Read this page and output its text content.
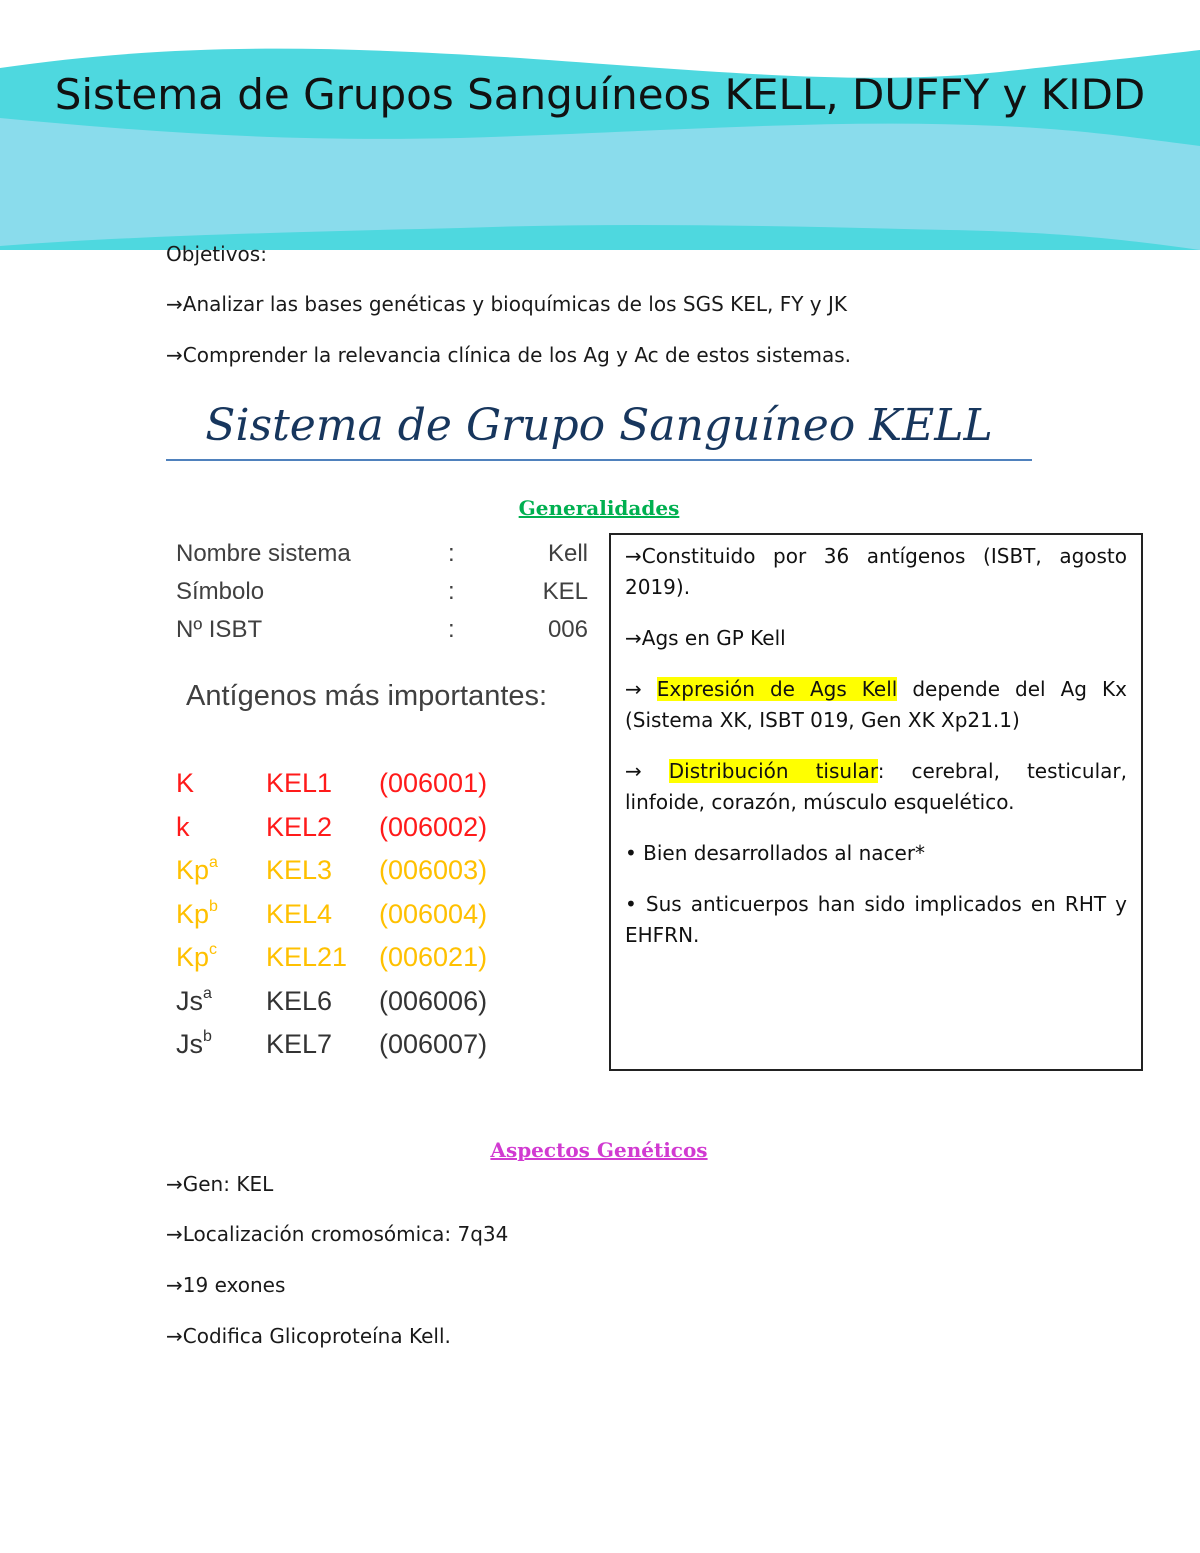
Sistema de Grupos Sanguíneos KELL, DUFFY y KIDD

Objetivos:

→Analizar las bases genéticas y bioquímicas de los SGS KEL, FY y JK

→Comprender la relevancia clínica de los Ag y Ac de estos sistemas.

Sistema de Grupo Sanguíneo KELL

Generalidades

Nombre sistema	:	Kell
Símbolo	:	KEL
Nº ISBT	:	006
Antígenos más importantes:
K	KEL1 (006001)
k	KEL2 (006002)
Kp$^a$ KEL3 (006003)
Kp$^b$ KEL4 (006004)
Kp$^c$ KEL21 (006021)
Js$^a$ KEL6 (006006)
Js$^b$ KEL7 (006007)

→Constituido por 36 antígenos (ISBT, agosto 2019).

→Ags en GP Kell

→ Expresión de Ags Kell depende del Ag Kx (Sistema XK, ISBT 019, Gen XK Xp21.1)

→ Distribución tisular: cerebral, testicular, linfoide, corazón, músculo esquelético.

• Bien desarrollados al nacer*

• Sus anticuerpos han sido implicados en RHT y EHFRN.

Aspectos Genéticos

→Gen: KEL

→Localización cromosómica: 7q34

→19 exones

→Codifica Glicoproteína Kell.
